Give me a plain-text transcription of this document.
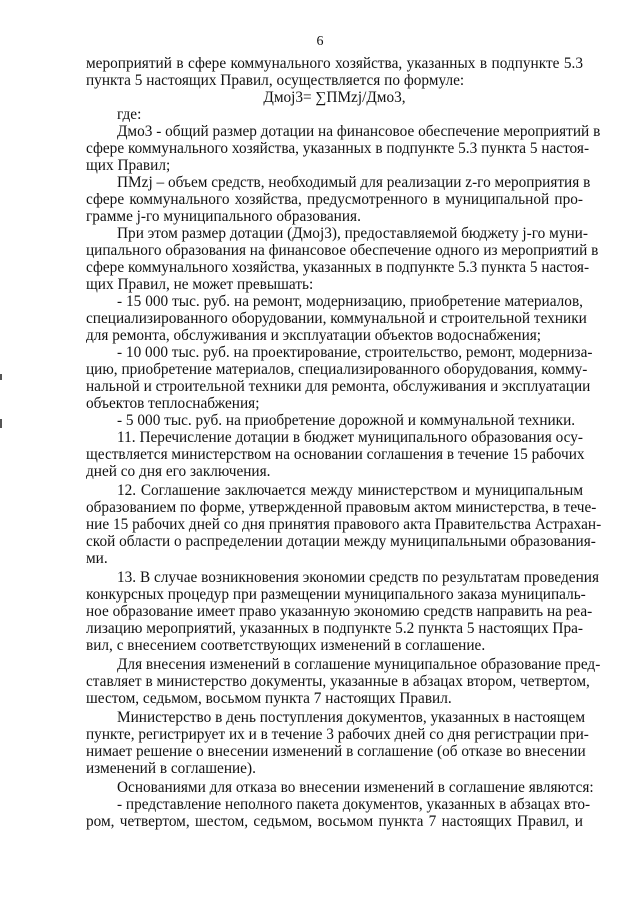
6
мероприятий в сфере коммунального хозяйства, указанных в подпункте 5.3
пункта 5 настоящих Правил, осуществляется по формуле:
Дмоj3= ∑ПМzj/Дмо3,
где:
Дмо3 - общий размер дотации на финансовое обеспечение мероприятий в
сфере коммунального хозяйства, указанных в подпункте 5.3 пункта 5 настоя-
щих Правил;
ПМzj – объем средств, необходимый для реализации z-го мероприятия в
сфере коммунального хозяйства, предусмотренного в муниципальной про-
грамме j-го муниципального образования.
При этом размер дотации (Дмоj3), предоставляемой бюджету j-го муни-
ципального образования на финансовое обеспечение одного из мероприятий в
сфере коммунального хозяйства, указанных в подпункте 5.3 пункта 5 настоя-
щих Правил, не может превышать:
- 15 000 тыс. руб. на ремонт, модернизацию, приобретение материалов,
специализированного оборудовании, коммунальной и строительной техники
для ремонта, обслуживания и эксплуатации объектов водоснабжения;
- 10 000 тыс. руб. на проектирование, строительство, ремонт, модерниза-
цию, приобретение материалов, специализированного оборудования, комму-
нальной и строительной техники для ремонта, обслуживания и эксплуатации
объектов теплоснабжения;
- 5 000 тыс. руб. на приобретение дорожной и коммунальной техники.
11. Перечисление дотации в бюджет муниципального образования осу-
ществляется министерством на основании соглашения в течение 15 рабочих
дней со дня его заключения.
12. Соглашение заключается между министерством и муниципальным
образованием по форме, утвержденной правовым актом министерства, в тече-
ние 15 рабочих дней со дня принятия правового акта Правительства Астрахан-
ской области о распределении дотации между муниципальными образования-
ми.
13. В случае возникновения экономии средств по результатам проведения
конкурсных процедур при размещении муниципального заказа муниципаль-
ное образование имеет право указанную экономию средств направить на реа-
лизацию мероприятий, указанных в подпункте 5.2 пункта 5 настоящих Пра-
вил, с внесением соответствующих изменений в соглашение.
Для внесения изменений в соглашение муниципальное образование пред-
ставляет в министерство документы, указанные в абзацах втором, четвертом,
шестом, седьмом, восьмом пункта 7 настоящих Правил.
Министерство в день поступления документов, указанных в настоящем
пункте, регистрирует их и в течение 3 рабочих дней со дня регистрации при-
нимает решение о внесении изменений в соглашение (об отказе во внесении
изменений в соглашение).
Основаниями для отказа во внесении изменений в соглашение являются:
- представление неполного пакета документов, указанных в абзацах вто-
ром, четвертом, шестом, седьмом, восьмом пункта 7 настоящих Правил, и
